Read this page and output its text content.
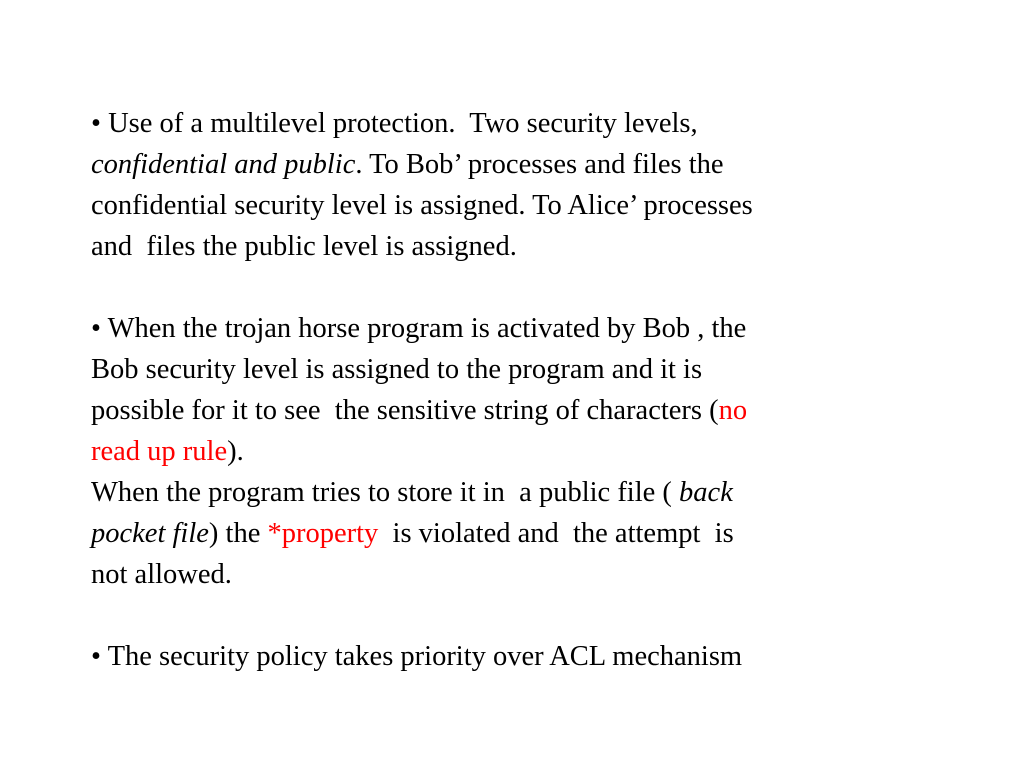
• Use of a multilevel protection.  Two security levels,
confidential and public. To Bob’ processes and files the
confidential security level is assigned. To Alice’ processes
and  files the public level is assigned.
• When the trojan horse program is activated by Bob , the
Bob security level is assigned to the program and it is
possible for it to see  the sensitive string of characters (no
read up rule).
When the program tries to store it in  a public file ( back
pocket file) the *property  is violated and  the attempt  is
not allowed.
• The security policy takes priority over ACL mechanism
